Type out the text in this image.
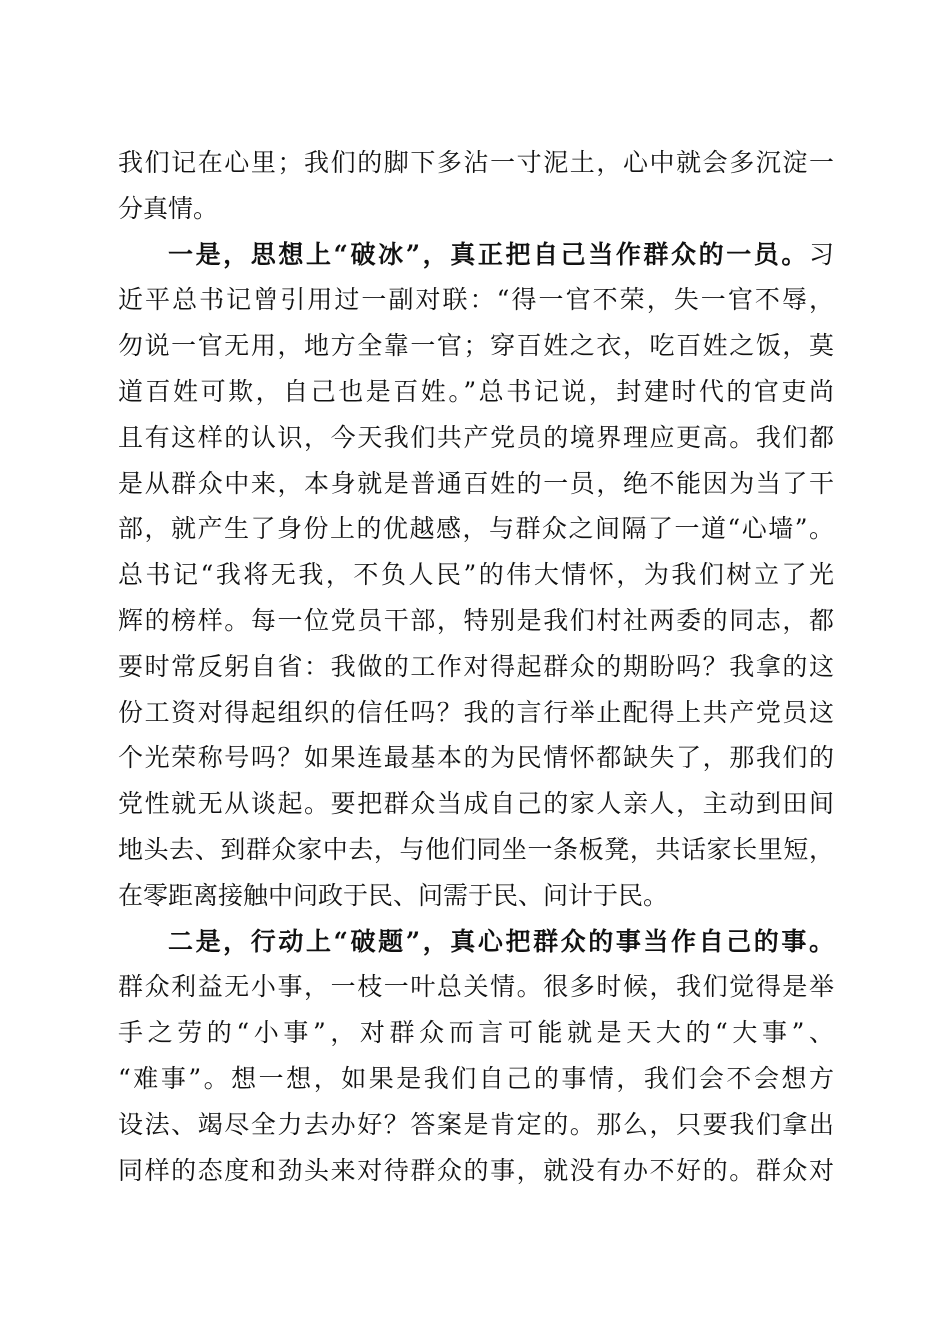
我们记在心里；我们的脚下多沾一寸泥土，心中就会多沉淀一
分真情。
一是，思想上“破冰”，真正把自己当作群众的一员。习
近平总书记曾引用过一副对联：“得一官不荣，失一官不辱，
勿说一官无用，地方全靠一官；穿百姓之衣，吃百姓之饭，莫
道百姓可欺，自己也是百姓。”总书记说，封建时代的官吏尚
且有这样的认识，今天我们共产党员的境界理应更高。我们都
是从群众中来，本身就是普通百姓的一员，绝不能因为当了干
部，就产生了身份上的优越感，与群众之间隔了一道“心墙”。
总书记“我将无我，不负人民”的伟大情怀，为我们树立了光
辉的榜样。每一位党员干部，特别是我们村社两委的同志，都
要时常反躬自省：我做的工作对得起群众的期盼吗？我拿的这
份工资对得起组织的信任吗？我的言行举止配得上共产党员这
个光荣称号吗？如果连最基本的为民情怀都缺失了，那我们的
党性就无从谈起。要把群众当成自己的家人亲人，主动到田间
地头去、到群众家中去，与他们同坐一条板凳，共话家长里短，
在零距离接触中问政于民、问需于民、问计于民。
二是，行动上“破题”，真心把群众的事当作自己的事。
群众利益无小事，一枝一叶总关情。很多时候，我们觉得是举
手之劳的“小事”，对群众而言可能就是天大的“大事”、
“难事”。想一想，如果是我们自己的事情，我们会不会想方
设法、竭尽全力去办好？答案是肯定的。那么，只要我们拿出
同样的态度和劲头来对待群众的事，就没有办不好的。群众对
